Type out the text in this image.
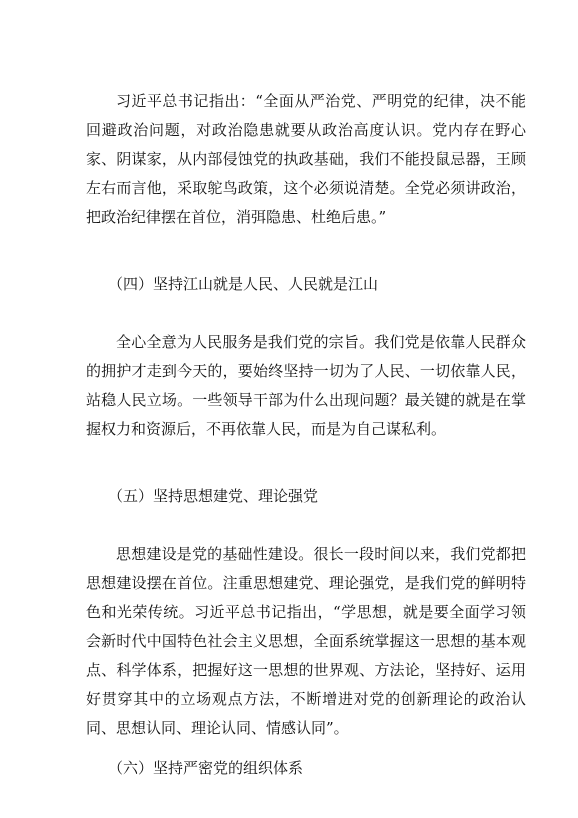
习近平总书记指出：“全面从严治党、严明党的纪律，决不能回避政治问题，对政治隐患就要从政治高度认识。党内存在野心家、阴谋家，从内部侵蚀党的执政基础，我们不能投鼠忌器，王顾左右而言他，采取鸵鸟政策，这个必须说清楚。全党必须讲政治，把政治纪律摆在首位，消弭隐患、杜绝后患。”

（四）坚持江山就是人民、人民就是江山

全心全意为人民服务是我们党的宗旨。我们党是依靠人民群众的拥护才走到今天的，要始终坚持一切为了人民、一切依靠人民，站稳人民立场。一些领导干部为什么出现问题？最关键的就是在掌握权力和资源后，不再依靠人民，而是为自己谋私利。

（五）坚持思想建党、理论强党

思想建设是党的基础性建设。很长一段时间以来，我们党都把思想建设摆在首位。注重思想建党、理论强党，是我们党的鲜明特色和光荣传统。习近平总书记指出，“学思想，就是要全面学习领会新时代中国特色社会主义思想，全面系统掌握这一思想的基本观点、科学体系，把握好这一思想的世界观、方法论，坚持好、运用好贯穿其中的立场观点方法，不断增进对党的创新理论的政治认同、思想认同、理论认同、情感认同”。

（六）坚持严密党的组织体系
